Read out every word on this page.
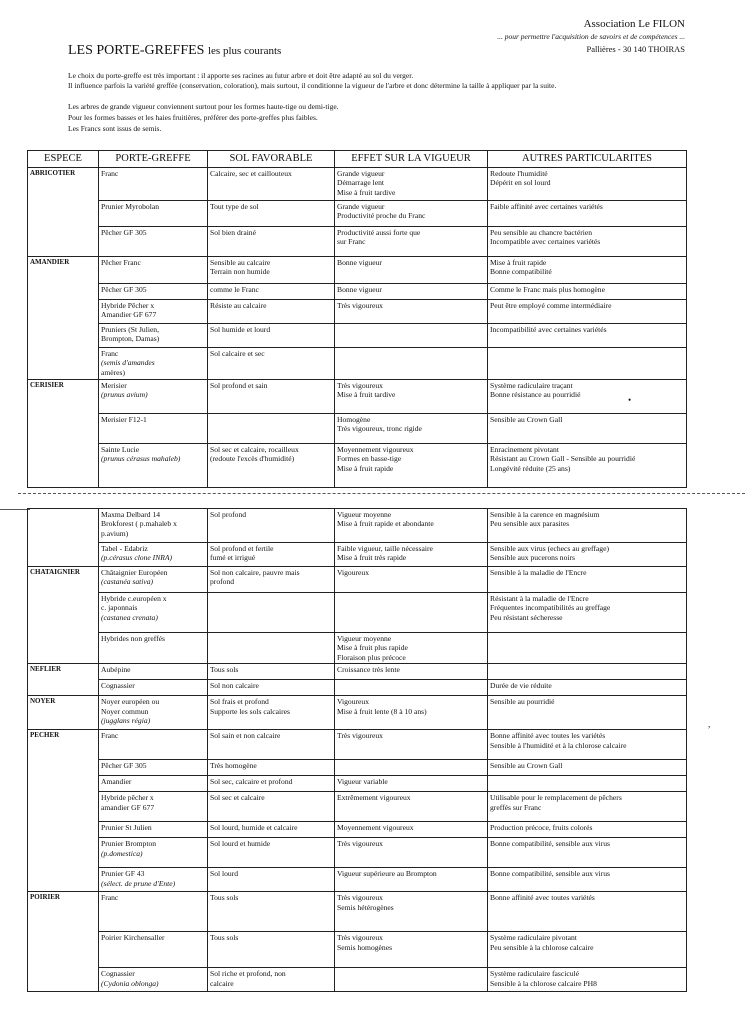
Association Le FILON
... pour permettre l'acquisition de savoirs et de compétences ...
Pallières - 30 140 THOIRAS
LES PORTE-GREFFES les plus courants
Le choix du porte-greffe est très important : il apporte ses racines au futur arbre et doit être adapté au sol du verger.
Il influence parfois la variété greffée (conservation, coloration), mais surtout, il conditionne la vigueur de l'arbre et donc détermine la taille à appliquer par la suite.
Les arbres de grande vigueur conviennent surtout pour les formes haute-tige ou demi-tige.
Pour les formes basses et les haies fruitières, préférer des porte-greffes plus faibles.
Les Francs sont issus de semis.
ESPECE	PORTE-GREFFE	SOL FAVORABLE	EFFET SUR LA VIGUEUR	AUTRES PARTICULARITES

ABRICOTIER	Franc	Calcaire, sec et caillouteux	Grande vigueur
Démarrage lent
Mise à fruit tardive	Redoute l'humidité
Dépérit en sol lourd
	Prunier Myrobolan	Tout type de sol	Grande vigueur
Productivité proche du Franc	Faible affinité avec certaines variétés
	Pêcher GF 305	Sol bien drainé	Productivité aussi forte que
sur Franc	Peu sensible au chancre bactérien
Incompatible avec certaines variétés

AMANDIER	Pêcher Franc	Sensible au calcaire
Terrain non humide	Bonne vigueur	Mise à fruit rapide
Bonne compatibilité
	Pêcher GF 305	comme le Franc	Bonne vigueur	Comme le Franc mais plus homogène
	Hybride Pêcher x
Amandier GF 677	Résiste au calcaire	Très vigoureux	Peut être employé comme intermédiaire
	Pruniers (St Julien,
Brompton, Damas)	Sol humide et lourd		Incompatibilité avec certaines variétés
	Franc
(semis d'amandes
amères)	Sol calcaire et sec		

CERISIER	Merisier
(prunus avium)	Sol profond et sain	Très vigoureux
Mise à fruit tardive	Système radiculaire traçant
Bonne résistance au pourridié
	Merisier F12-1		Homogène
Très vigoureux, tronc rigide	Sensible au Crown Gall
	Sainte Lucie
(prunus cérasus mahaleb)	Sol sec et calcaire, rocailleux
(redoute l'excès d'humidité)	Moyennement vigoureux
Formes en basse-tige
Mise à fruit rapide	Enracinement pivotant
Résistant au Crown Gall - Sensible au pourridié
Longévité réduite (25 ans)
	Maxma Delbard 14
Brokforest ( p.mahaleb x
p.avium)	Sol profond	Vigueur moyenne
Mise à fruit rapide et abondante	Sensible à la carence en magnésium
Peu sensible aux parasites
	Tabel - Edabriz
(p.cérasus clone INRA)	Sol profond et fertile
fumé et irrigué	Faible vigueur, taille nécessaire
Mise à fruit très rapide	Sensible aux virus (echecs au greffage)
Sensible aux pucerons noirs

CHATAIGNIER	Châtaignier Européen
(castanéa sativa)	Sol non calcaire, pauvre mais
profond	Vigoureux	Sensible à la maladie de l'Encre
	Hybride c.européen x
c. japonnais
(castanea crenata)			Résistant à la maladie de l'Encre
Fréquentes incompatibilités au greffage
Peu résistant sécheresse
	Hybrides non greffés		Vigueur moyenne
Mise à fruit plus rapide
Floraison plus précoce	

NEFLIER	Aubépine	Tous sols	Croissance très lente	
	Cognassier	Sol non calcaire		Durée de vie réduite

NOYER	Noyer européen ou
Noyer commun
(jugglans régia)	Sol frais et profond
Supporte les sols calcaires	Vigoureux
Mise à fruit lente (8 à 10 ans)	Sensible au pourridié

PECHER	Franc	Sol sain et non calcaire	Très vigoureux	Bonne affinité avec toutes les variétés
Sensible à l'humidité et à la chlorose calcaire
	Pêcher GF 305	Très homogène		Sensible au Crown Gall
	Amandier	Sol sec, calcaire et profond	Vigueur variable	
	Hybride pêcher x
amandier GF 677	Sol sec et calcaire	Extrêmement vigoureux	Utilisable pour le remplacement de pêchers
greffés sur Franc
	Prunier St Julien	Sol lourd, humide et calcaire	Moyennement vigoureux	Production précoce, fruits colorés
	Prunier Brompton
(p.domestica)	Sol lourd et humide	Très vigoureux	Bonne compatibilité, sensible aux virus
	Prunier GF 43
(sélect. de prune d'Ente)	Sol lourd	Vigueur supérieure au Brompton	Bonne compatibilité, sensible aux virus

POIRIER	Franc	Tous sols	Très vigoureux
Semis hétérogènes	Bonne affinité avec toutes variétés
	Poirier Kirchensaller	Tous sols	Très vigoureux
Semis homogènes	Système radiculaire pivotant
Peu sensible à la chlorose calcaire
	Cognassier
(Cydonia oblonga)	Sol riche et profond, non
calcaire		Système radiculaire fasciculé
Sensible à la chlorose calcaire PH8
•
,
